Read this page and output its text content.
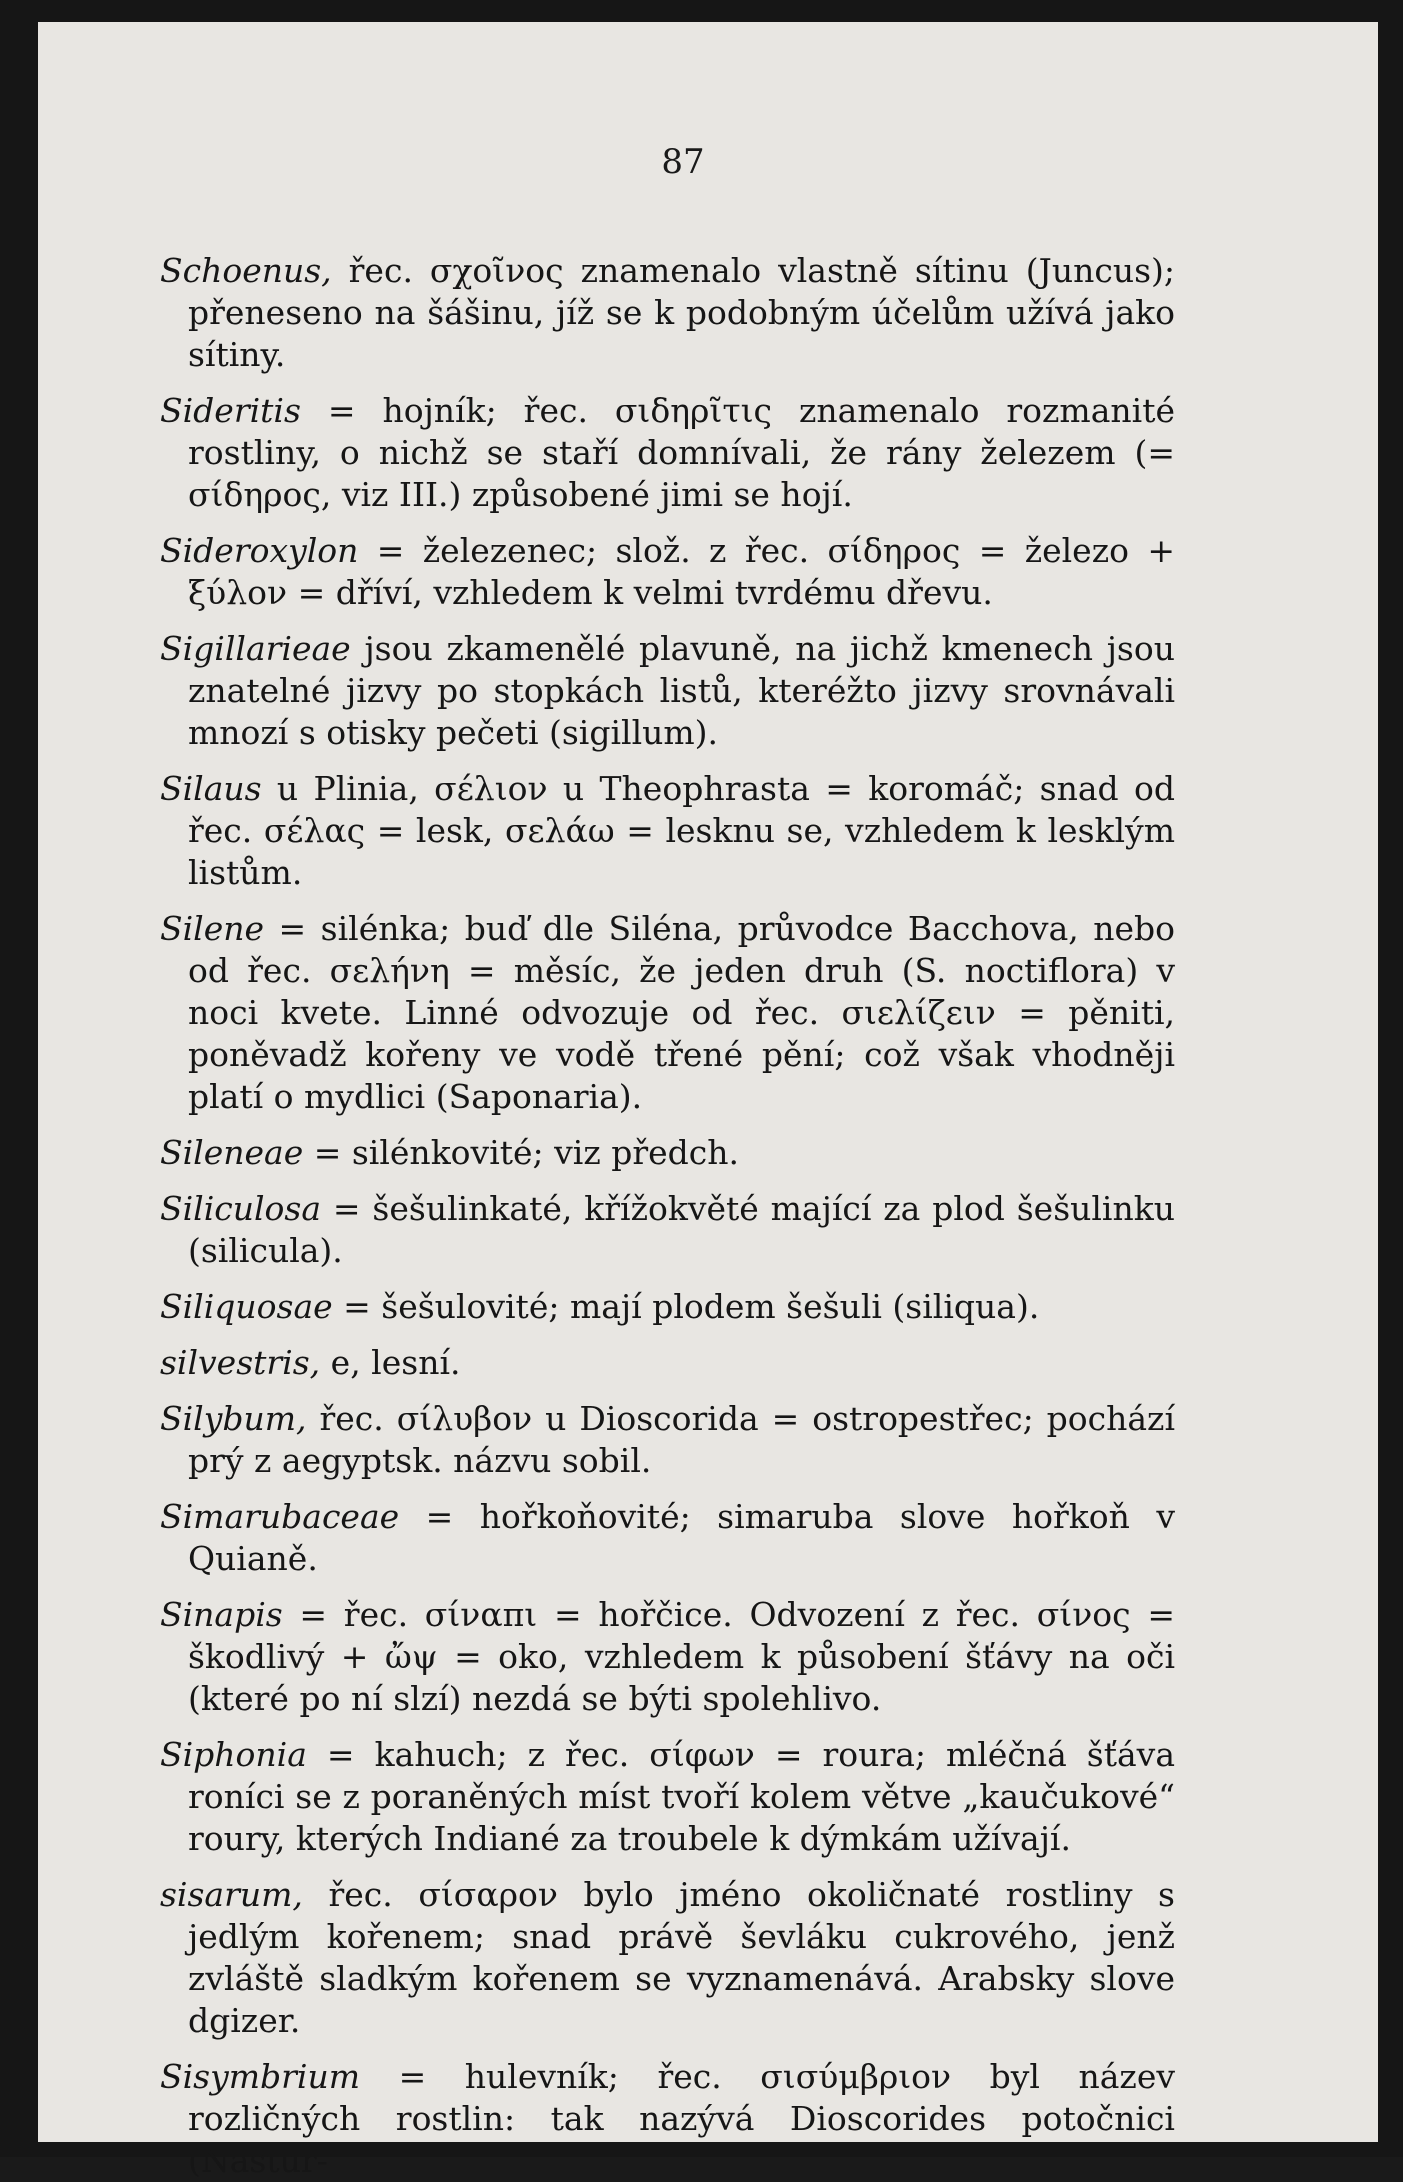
87

Schoenus, řec. σχοῖνος znamenalo vlastně sítinu (Juncus); přeneseno na šášinu, jíž se k podobným účelům užívá jako sítiny.

Sideritis = hojník; řec. σιδηρῖτις znamenalo rozmanité rostliny, o nichž se staří domnívali, že rány železem (= σίδηρος, viz III.) způsobené jimi se hojí.

Sideroxylon = železenec; slož. z řec. σίδηρος = železo + ξύλον = dříví, vzhledem k velmi tvrdému dřevu.

Sigillarieae jsou zkamenělé plavuně, na jichž kmenech jsou znatelné jizvy po stopkách listů, kteréžto jizvy srovnávali mnozí s otisky pečeti (sigillum).

Silaus u Plinia, σέλιον u Theophrasta = koromáč; snad od řec. σέλας = lesk, σελάω = lesknu se, vzhledem k lesklým listům.

Silene = silénka; buď dle Siléna, průvodce Bacchova, nebo od řec. σελήνη = měsíc, že jeden druh (S. noctiflora) v noci kvete. Linné odvozuje od řec. σιελίζειν = pěniti, poněvadž kořeny ve vodě třené pění; což však vhodněji platí o mydlici (Saponaria).

Sileneae = silénkovité; viz předch.

Siliculosa = šešulinkaté, křížokvěté mající za plod šešulinku (silicula).

Siliquosae = šešulovité; mají plodem šešuli (siliqua).

silvestris, e, lesní.

Silybum, řec. σίλυβον u Dioscorida = ostropestřec; pochází prý z aegyptsk. názvu sobil.

Simarubaceae = hořkoňovité; simaruba slove hořkoň v Quianě.

Sinapis = řec. σίναπι = hořčice. Odvození z řec. σίνος = škodlivý + ὤψ = oko, vzhledem k působení šťávy na oči (které po ní slzí) nezdá se býti spolehlivo.

Siphonia = kahuch; z řec. σίφων = roura; mléčná šťáva roníci se z poraněných míst tvoří kolem větve „kaučukové“ roury, kterých Indiané za troubele k dýmkám užívají.

sisarum, řec. σίσαρον bylo jméno okoličnaté rostliny s jedlým kořenem; snad právě ševláku cukrového, jenž zvláště sladkým kořenem se vyznamenává. Arabsky slove dgizer.

Sisymbrium = hulevník; řec. σισύμβριον byl název rozličných rostlin: tak nazývá Dioscorides potočnici (Nastur-
